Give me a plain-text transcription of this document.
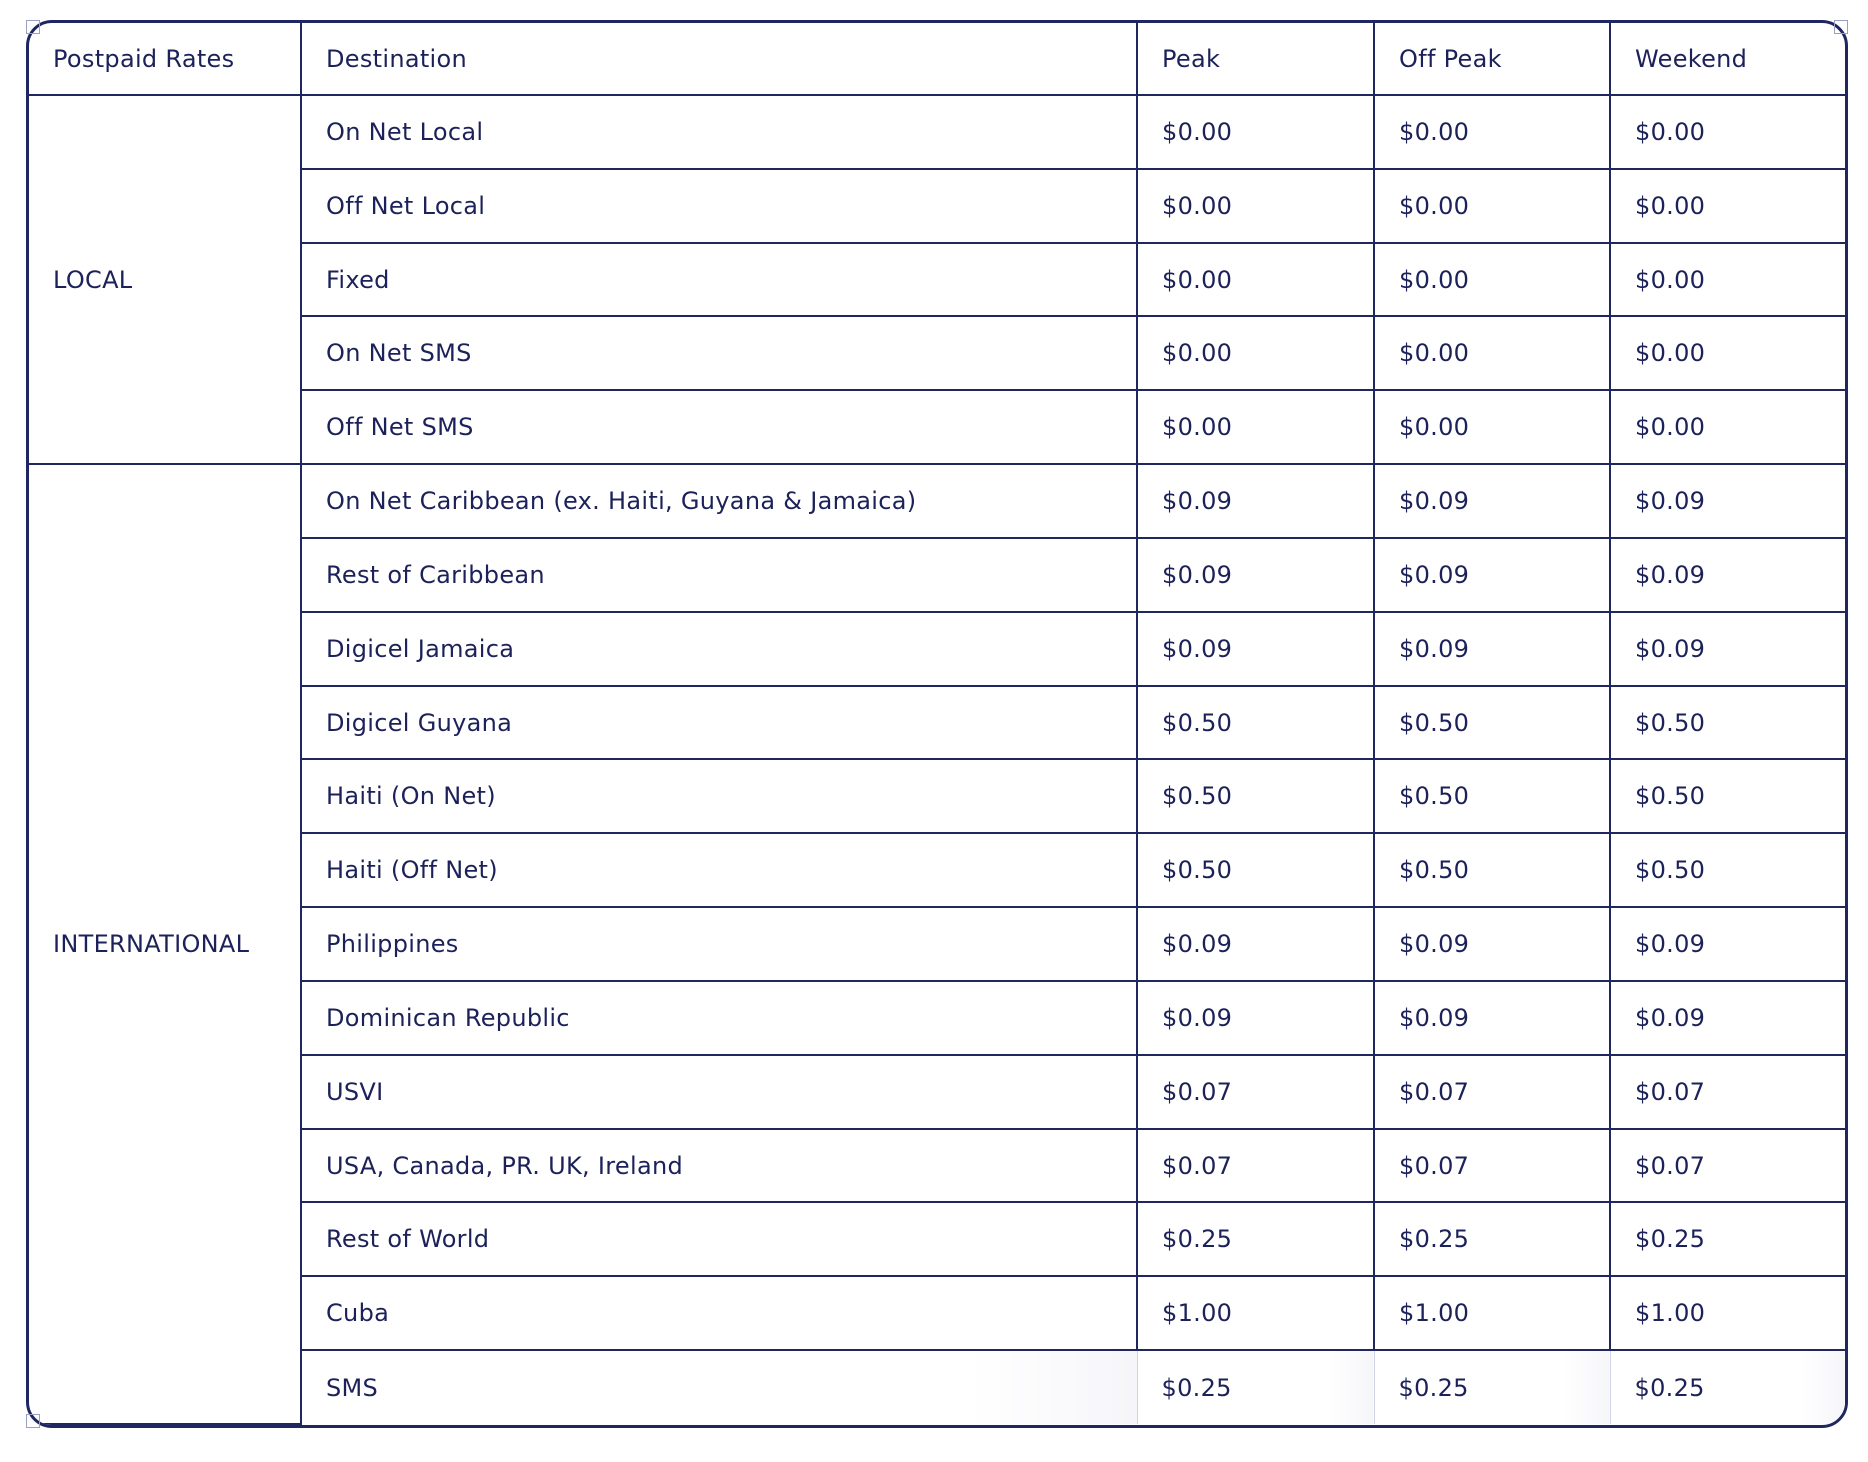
Postpaid Rates	Destination	Peak	Off Peak	Weekend
LOCAL	On Net Local	$0.00	$0.00	$0.00
	Off Net Local	$0.00	$0.00	$0.00
	Fixed	$0.00	$0.00	$0.00
	On Net SMS	$0.00	$0.00	$0.00
	Off Net SMS	$0.00	$0.00	$0.00
INTERNATIONAL	On Net Caribbean (ex. Haiti, Guyana & Jamaica)	$0.09	$0.09	$0.09
	Rest of Caribbean	$0.09	$0.09	$0.09
	Digicel Jamaica	$0.09	$0.09	$0.09
	Digicel Guyana	$0.50	$0.50	$0.50
	Haiti (On Net)	$0.50	$0.50	$0.50
	Haiti (Off Net)	$0.50	$0.50	$0.50
	Philippines	$0.09	$0.09	$0.09
	Dominican Republic	$0.09	$0.09	$0.09
	USVI	$0.07	$0.07	$0.07
	USA, Canada, PR. UK, Ireland	$0.07	$0.07	$0.07
	Rest of World	$0.25	$0.25	$0.25
	Cuba	$1.00	$1.00	$1.00
	SMS	$0.25	$0.25	$0.25
